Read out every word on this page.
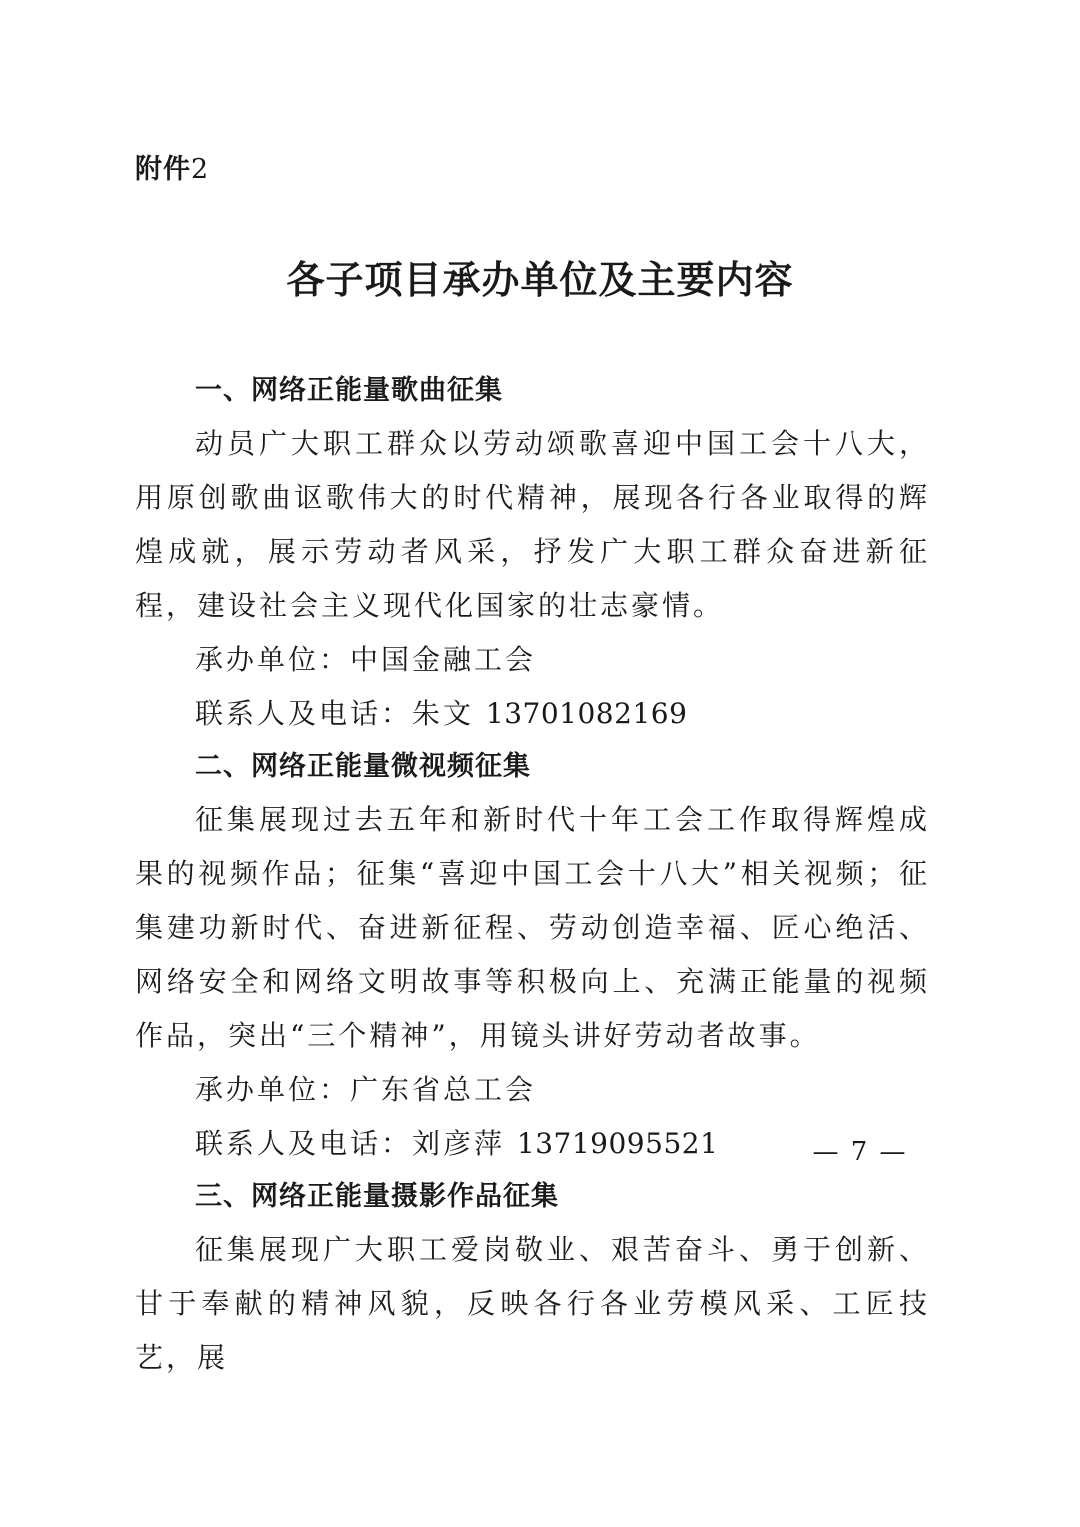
附件2
各子项目承办单位及主要内容
一、网络正能量歌曲征集

动员广大职工群众以劳动颂歌喜迎中国工会十八大，用原创歌曲讴歌伟大的时代精神，展现各行各业取得的辉煌成就，展示劳动者风采，抒发广大职工群众奋进新征程，建设社会主义现代化国家的壮志豪情。

承办单位：中国金融工会
联系人及电话：朱文 13701082169
二、网络正能量微视频征集

征集展现过去五年和新时代十年工会工作取得辉煌成果的视频作品；征集“喜迎中国工会十八大”相关视频；征集建功新时代、奋进新征程、劳动创造幸福、匠心绝活、网络安全和网络文明故事等积极向上、充满正能量的视频作品，突出“三个精神”，用镜头讲好劳动者故事。

承办单位：广东省总工会
联系人及电话：刘彦萍 13719095521
三、网络正能量摄影作品征集

征集展现广大职工爱岗敬业、艰苦奋斗、勇于创新、甘于奉献的精神风貌，反映各行各业劳模风采、工匠技艺，展

— 7 —
